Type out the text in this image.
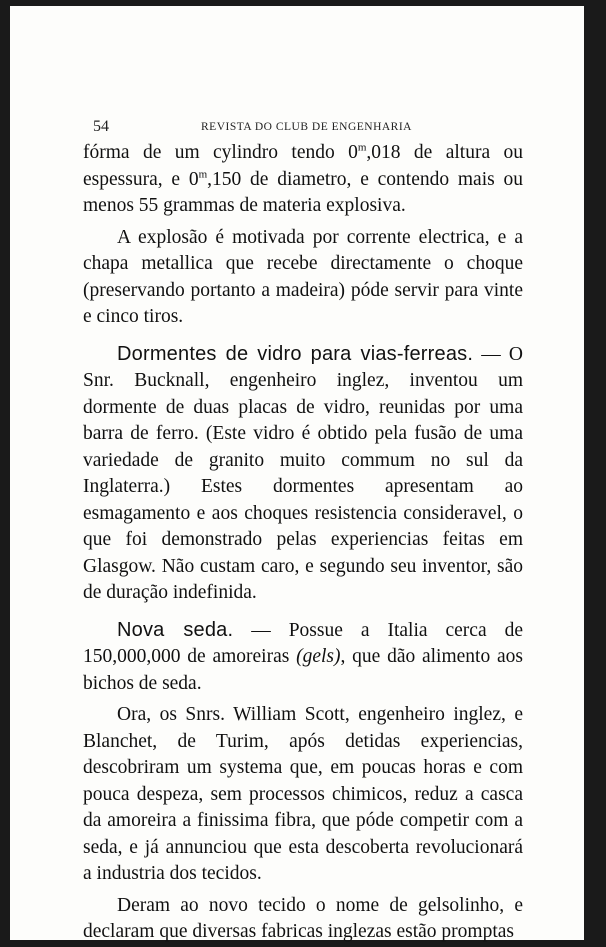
54	REVISTA DO CLUB DE ENGENHARIA

fórma de um cylindro tendo 0$^m$,018 de altura ou espessura, e 0$^m$,150 de diametro, e contendo mais ou menos 55 grammas de materia explosiva.

A explosão é motivada por corrente electrica, e a chapa metallica que recebe directamente o choque (preservando portanto a madeira) póde servir para vinte e cinco tiros.

Dormentes de vidro para vias-ferreas. — O Snr. Bucknall, engenheiro inglez, inventou um dormente de duas placas de vidro, reunidas por uma barra de ferro. (Este vidro é obtido pela fusão de uma variedade de granito muito commum no sul da Inglaterra.) Estes dormentes apresentam ao esmagamento e aos choques resistencia consideravel, o que foi demonstrado pelas experiencias feitas em Glasgow. Não custam caro, e segundo seu inventor, são de duração indefinida.

Nova seda. — Possue a Italia cerca de 150,000,000 de amoreiras (gels), que dão alimento aos bichos de seda.

Ora, os Snrs. William Scott, engenheiro inglez, e Blanchet, de Turim, após detidas experiencias, descobriram um systema que, em poucas horas e com pouca despeza, sem processos chimicos, reduz a casca da amoreira a finissima fibra, que póde competir com a seda, e já annunciou que esta descoberta revolucionará a industria dos tecidos.

Deram ao novo tecido o nome de gelsolinho, e declaram que diversas fabricas inglezas estão promptas
